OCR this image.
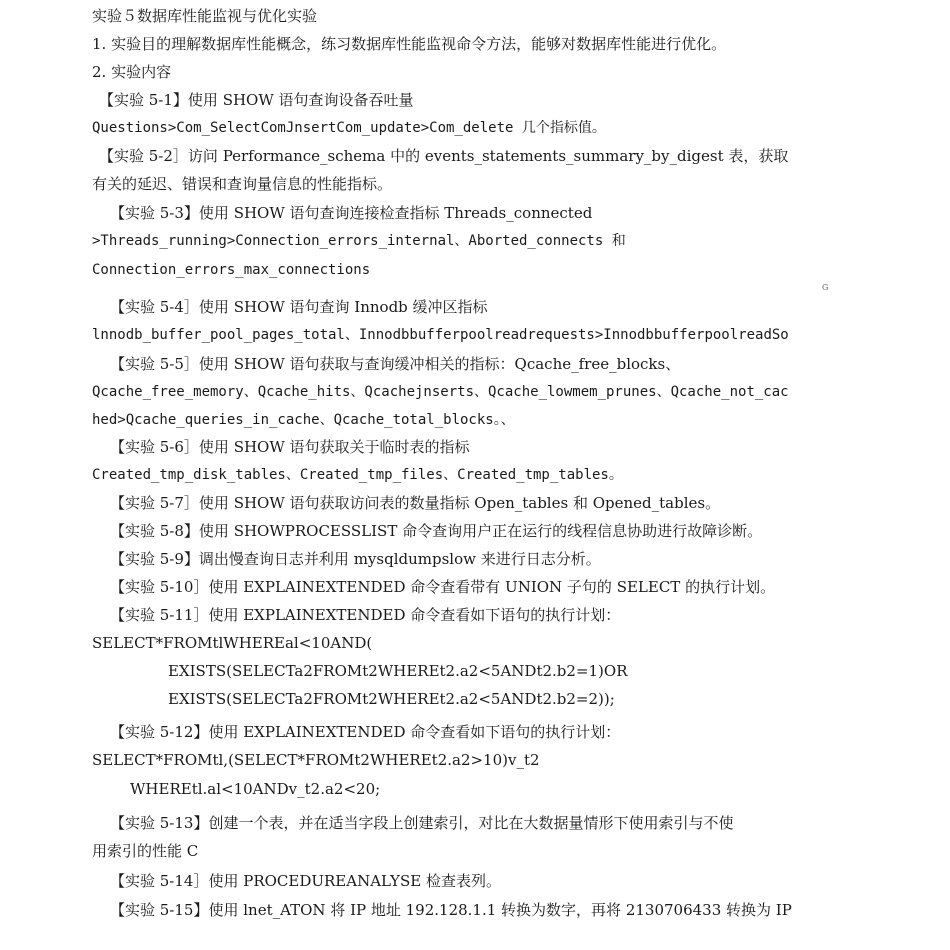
实验５数据库性能监视与优化实验
1. 实验目的理解数据库性能概念，练习数据库性能监视命令方法，能够对数据库性能进行优化。
2. 实验内容
【实验 5-1】使用 SHOW 语句查询设备吞吐量
Questions>Com_SelectComJnsertCom_update>Com_delete 几个指标值。
【实验 5-2］访问 Performance_schema 中的 events_statements_summary_by_digest 表，获取
有关的延迟、错误和查询量信息的性能指标。
【实验 5-3】使用 SHOW 语句查询连接检查指标 Threads_connected
>Threads_running>Connection_errors_internal、Aborted_connects 和
Connection_errors_max_connections
G
【实验 5-4］使用 SHOW 语句查询 Innodb 缓冲区指标
lnnodb_buffer_pool_pages_total、Innodbbufferpoolreadrequests>InnodbbufferpoolreadSo
【实验 5-5］使用 SHOW 语句获取与查询缓冲相关的指标：Qcache_free_blocks、
Qcache_free_memory、Qcache_hits、Qcachejnserts、Qcache_lowmem_prunes、Qcache_not_cac
hed>Qcache_queries_in_cache、Qcache_total_blocks。、
【实验 5-6］使用 SHOW 语句获取关于临时表的指标
Created_tmp_disk_tables、Created_tmp_files、Created_tmp_tables。
【实验 5-7］使用 SHOW 语句获取访问表的数量指标 Open_tables 和 Opened_tables。
【实验 5-8】使用 SHOWPROCESSLIST 命令查询用户正在运行的线程信息协助进行故障诊断。
【实验 5-9】调出慢查询日志并利用 mysqldumpslow 来进行日志分析。
【实验 5-10］使用 EXPLAINEXTENDED 命令查看带有 UNION 子句的 SELECT 的执行计划。
【实验 5-11］使用 EXPLAINEXTENDED 命令查看如下语句的执行计划：
SELECT*FROMtlWHEREal<10AND(
EXISTS(SELECTa2FROMt2WHEREt2.a2<5ANDt2.b2=1)OR
EXISTS(SELECTa2FROMt2WHEREt2.a2<5ANDt2.b2=2));
【实验 5-12】使用 EXPLAINEXTENDED 命令查看如下语句的执行计划：
SELECT*FROMtl,(SELECT*FROMt2WHEREt2.a2>10)v_t2
WHEREtl.al<10ANDv_t2.a2<20;
【实验 5-13】创建一个表，并在适当字段上创建索引，对比在大数据量情形下使用索引与不使
用索引的性能 C
【实验 5-14］使用 PROCEDUREANALYSE 检查表列。
【实验 5-15】使用 lnet_ATON 将 IP 地址 192.128.1.1 转换为数字，再将 2130706433 转换为 IP
